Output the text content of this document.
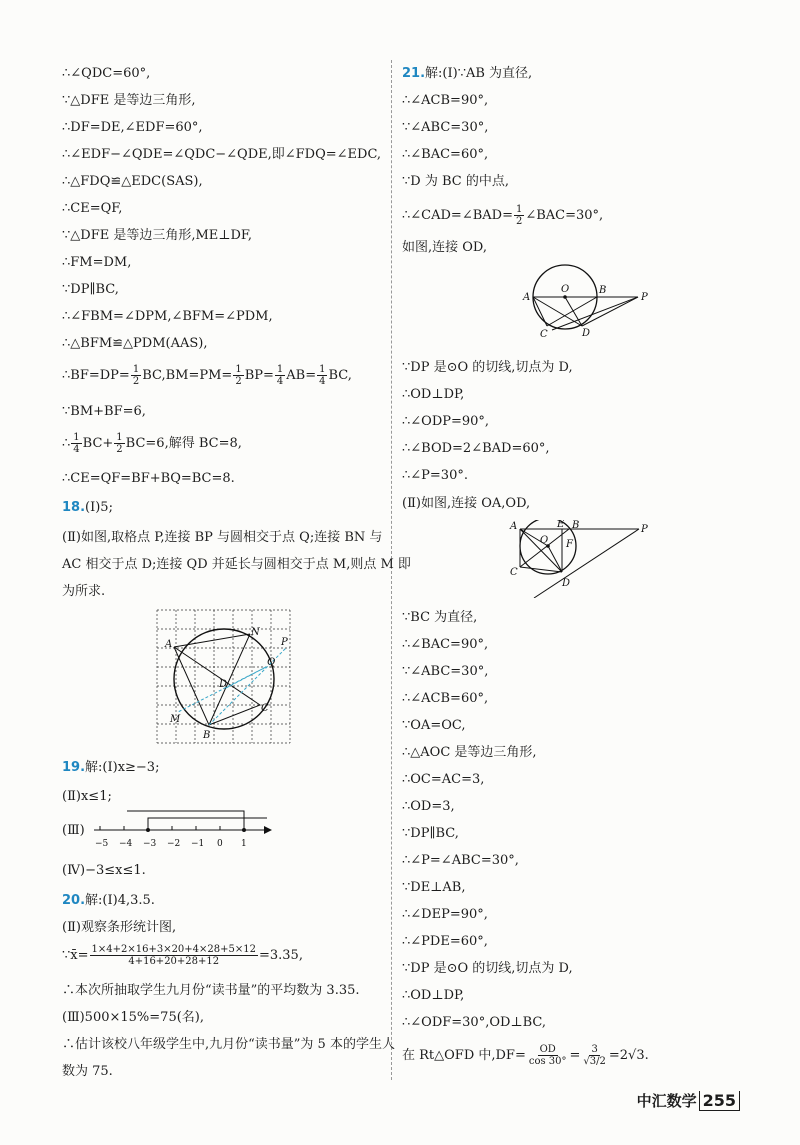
∴∠QDC=60°,
∵△DFE 是等边三角形,
∴DF=DE,∠EDF=60°,
∴∠EDF−∠QDE=∠QDC−∠QDE,即∠FDQ=∠EDC,
∴△FDQ≌△EDC(SAS),
∴CE=QF,
∵△DFE 是等边三角形,ME⊥DF,
∴FM=DM,
∵DP∥BC,
∴∠FBM=∠DPM,∠BFM=∠PDM,
∴△BFM≌△PDM(AAS),
∴BF=DP= $\frac{1}{2} BC,BM=PM= \frac{1}{2} BP= \frac{1}{4} AB= \frac{1}{4}$ BC,
∵BM+BF=6,
∴ $\frac{1}{4} BC+ \frac{1}{2} BC=6$,解得 BC=8,
∴CE=QF=BF+BQ=BC=8.
18.(Ⅰ)5;
(Ⅱ)如图,取格点 P,连接 BP 与圆相交于点 Q;连接 BN 与
AC 相交于点 D;连接 QD 并延长与圆相交于点 M,则点 M 即
为所求.
A
N
P
Q
D
M
B
C
19.解:(Ⅰ)x≥−3;
(Ⅱ)x≤1;
(Ⅲ)
−5 −4 −3 −2 −1 0 1
(Ⅳ)−3≤x≤1.
20.解:(Ⅰ)4,3.5.
(Ⅱ)观察条形统计图,
∵x̄= $\frac{1\times 4+2\times 16+3\times 20+4\times 28+5\times 12}{4+16+20+28+12} =3.35$,
∴本次所抽取学生九月份“读书量”的平均数为 3.35.
(Ⅲ)500×15%=75(名),
∴估计该校八年级学生中,九月份“读书量”为 5 本的学生人
数为 75.
21.解:(Ⅰ)∵AB 为直径,
∴∠ACB=90°,
∵∠ABC=30°,
∴∠BAC=60°,
∵D 为 BC 的中点,
∴∠CAD=∠BAD= $\frac{1}{2}$ ∠BAC=30°,
如图,连接 OD,
A
O	B
P
C	D
∵DP 是⊙O 的切线,切点为 D,
∴OD⊥DP,
∴∠ODP=90°,
∴∠BOD=2∠BAD=60°,
∴∠P=30°.
(Ⅱ)如图,连接 OA,OD,
A	E B	P
O F
C
D
∵BC 为直径,
∴∠BAC=90°,
∵∠ABC=30°,
∴∠ACB=60°,
∵OA=OC,
∴△AOC 是等边三角形,
∴OC=AC=3,
∴OD=3,
∵DP∥BC,
∴∠P=∠ABC=30°,
∵DE⊥AB,
∴∠DEP=90°,
∴∠PDE=60°,
∵DP 是⊙O 的切线,切点为 D,
∴OD⊥DP,
∴∠ODF=30°,OD⊥BC,
在 Rt△OFD 中$,DF= \frac{OD}{\cos 30^\circ} = \frac{3}{√3/2} =2√3$.
中汇数学 255
